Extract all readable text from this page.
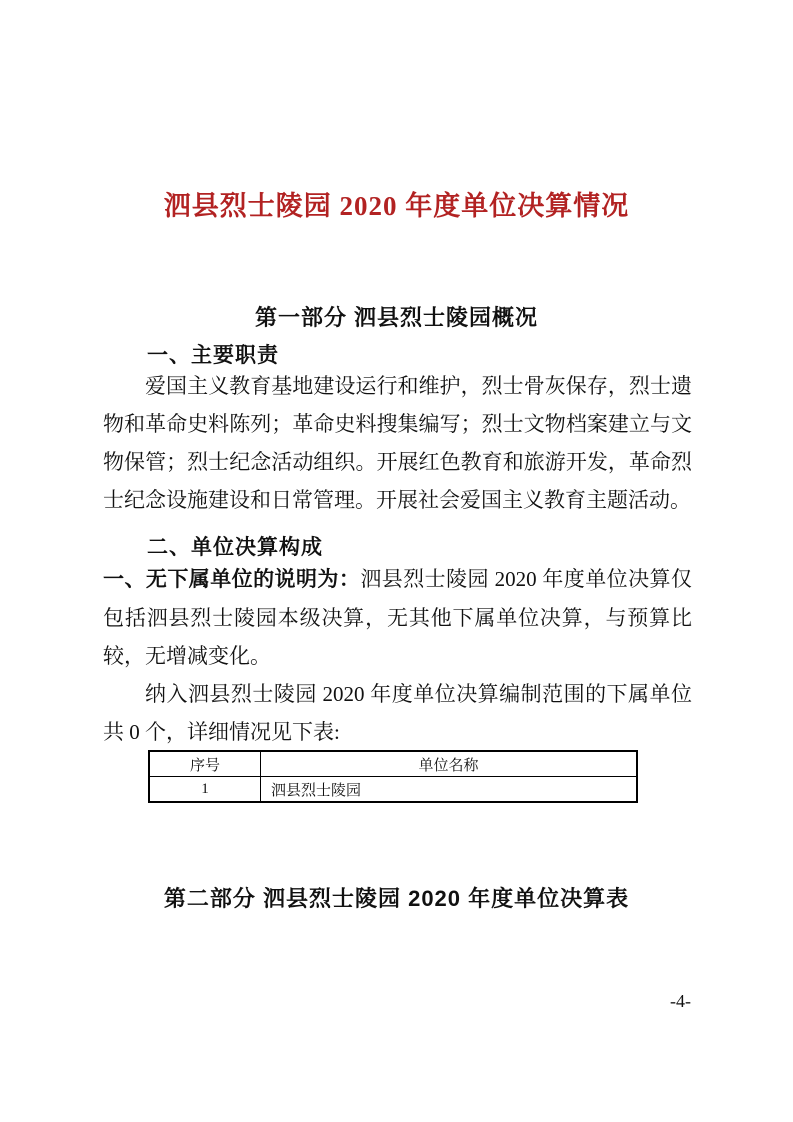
泗县烈士陵园 2020 年度单位决算情况
第一部分 泗县烈士陵园概况
一、主要职责

爱国主义教育基地建设运行和维护，烈士骨灰保存，烈士遗物和革命史料陈列；革命史料搜集编写；烈士文物档案建立与文物保管；烈士纪念活动组织。开展红色教育和旅游开发，革命烈士纪念设施建设和日常管理。开展社会爱国主义教育主题活动。

二、单位决算构成

一、无下属单位的说明为：泗县烈士陵园 2020 年度单位决算仅包括泗县烈士陵园本级决算，无其他下属单位决算，与预算比较，无增减变化。

纳入泗县烈士陵园 2020 年度单位决算编制范围的下属单位共 0 个，详细情况见下表:

序号	单位名称
1	泗县烈士陵园
第二部分 泗县烈士陵园 2020 年度单位决算表
-4-
